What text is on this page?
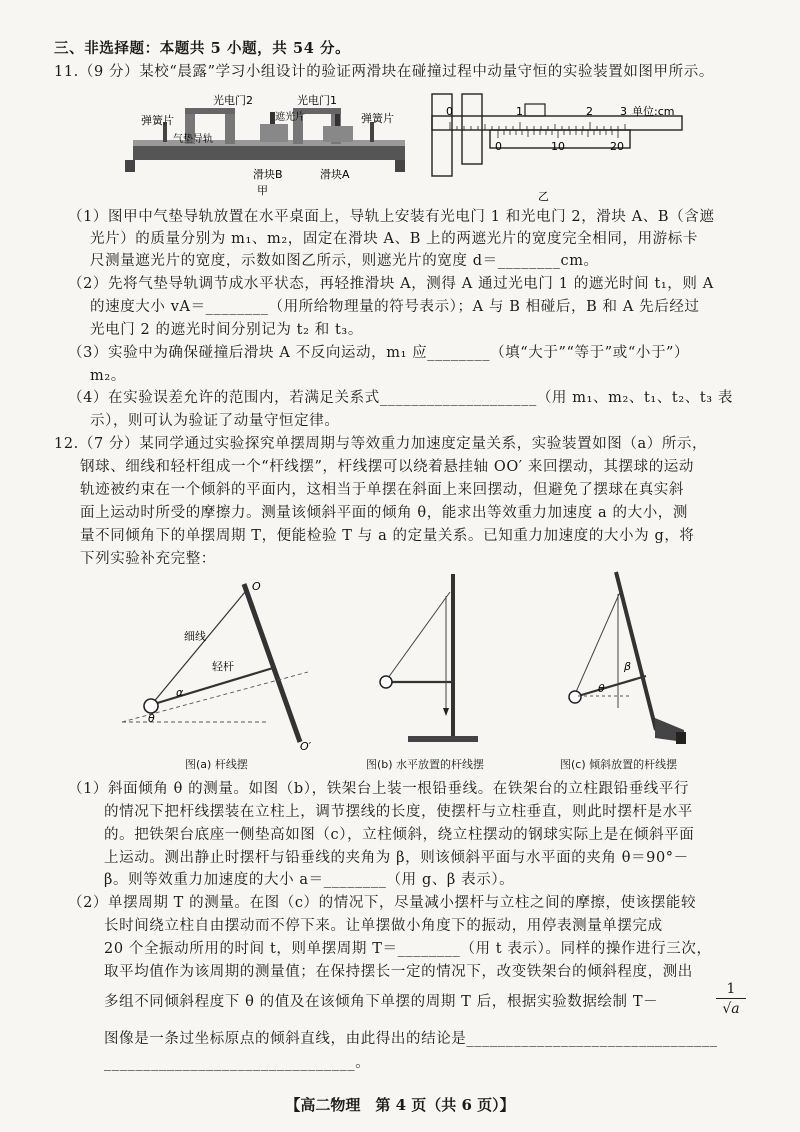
三、非选择题：本题共 5 小题，共 54 分。
11.（9 分）某校“晨露”学习小组设计的验证两滑块在碰撞过程中动量守恒的实验装置如图甲所示。
弹簧片
气垫导轨
光电门2	光电门1
遮光片	弹簧片
滑块B	滑块A
甲
0	1	2 3 单位:cm
0	10	20
乙
（1）图甲中气垫导轨放置在水平桌面上，导轨上安装有光电门 1 和光电门 2，滑块 A、B（含遮
光片）的质量分别为 m₁、m₂，固定在滑块 A、B 上的两遮光片的宽度完全相同，用游标卡
尺测量遮光片的宽度，示数如图乙所示，则遮光片的宽度 d＝________cm。
（2）先将气垫导轨调节成水平状态，再轻推滑块 A，测得 A 通过光电门 1 的遮光时间 t₁，则 A
的速度大小 vA＝________（用所给物理量的符号表示）；A 与 B 相碰后，B 和 A 先后经过
光电门 2 的遮光时间分别记为 t₂ 和 t₃。
（3）实验中为确保碰撞后滑块 A 不反向运动，m₁ 应________（填“大于”“等于”或“小于”）
m₂。
（4）在实验误差允许的范围内，若满足关系式____________________（用 m₁、m₂、t₁、t₂、t₃ 表
示），则可认为验证了动量守恒定律。
12.（7 分）某同学通过实验探究单摆周期与等效重力加速度定量关系，实验装置如图（a）所示，
钢球、细线和轻杆组成一个“杆线摆”，杆线摆可以绕着悬挂轴 OO′ 来回摆动，其摆球的运动
轨迹被约束在一个倾斜的平面内，这相当于单摆在斜面上来回摆动，但避免了摆球在真实斜
面上运动时所受的摩擦力。测量该倾斜平面的倾角 θ，能求出等效重力加速度 a 的大小，测
量不同倾角下的单摆周期 T，便能检验 T 与 a 的定量关系。已知重力加速度的大小为 g，将
下列实验补充完整：
O
O′
细线
轻杆
α
θ
图(a) 杆线摆	图(b) 水平放置的杆线摆
β
θ
图(c) 倾斜放置的杆线摆
（1）斜面倾角 θ 的测量。如图（b），铁架台上装一根铅垂线。在铁架台的立柱跟铅垂线平行
的情况下把杆线摆装在立柱上，调节摆线的长度，使摆杆与立柱垂直，则此时摆杆是水平
的。把铁架台底座一侧垫高如图（c），立柱倾斜，绕立柱摆动的钢球实际上是在倾斜平面
上运动。测出静止时摆杆与铅垂线的夹角为 β，则该倾斜平面与水平面的夹角 θ＝90°－
β。则等效重力加速度的大小 a＝________（用 g、β 表示）。
（2）单摆周期 T 的测量。在图（c）的情况下，尽量减小摆杆与立柱之间的摩擦，使该摆能较
长时间绕立柱自由摆动而不停下来。让单摆做小角度下的振动，用停表测量单摆完成
20 个全振动所用的时间 t，则单摆周期 T＝________（用 t 表示）。同样的操作进行三次，
取平均值作为该周期的测量值；在保持摆长一定的情况下，改变铁架台的倾斜程度，测出
多组不同倾斜程度下 θ 的值及在该倾角下单摆的周期 T 后，根据实验数据绘制 T－	$\frac{1}{√a}$
图像是一条过坐标原点的倾斜直线，由此得出的结论是________________________________
________________________________。
【高二物理　第 4 页（共 6 页）】
